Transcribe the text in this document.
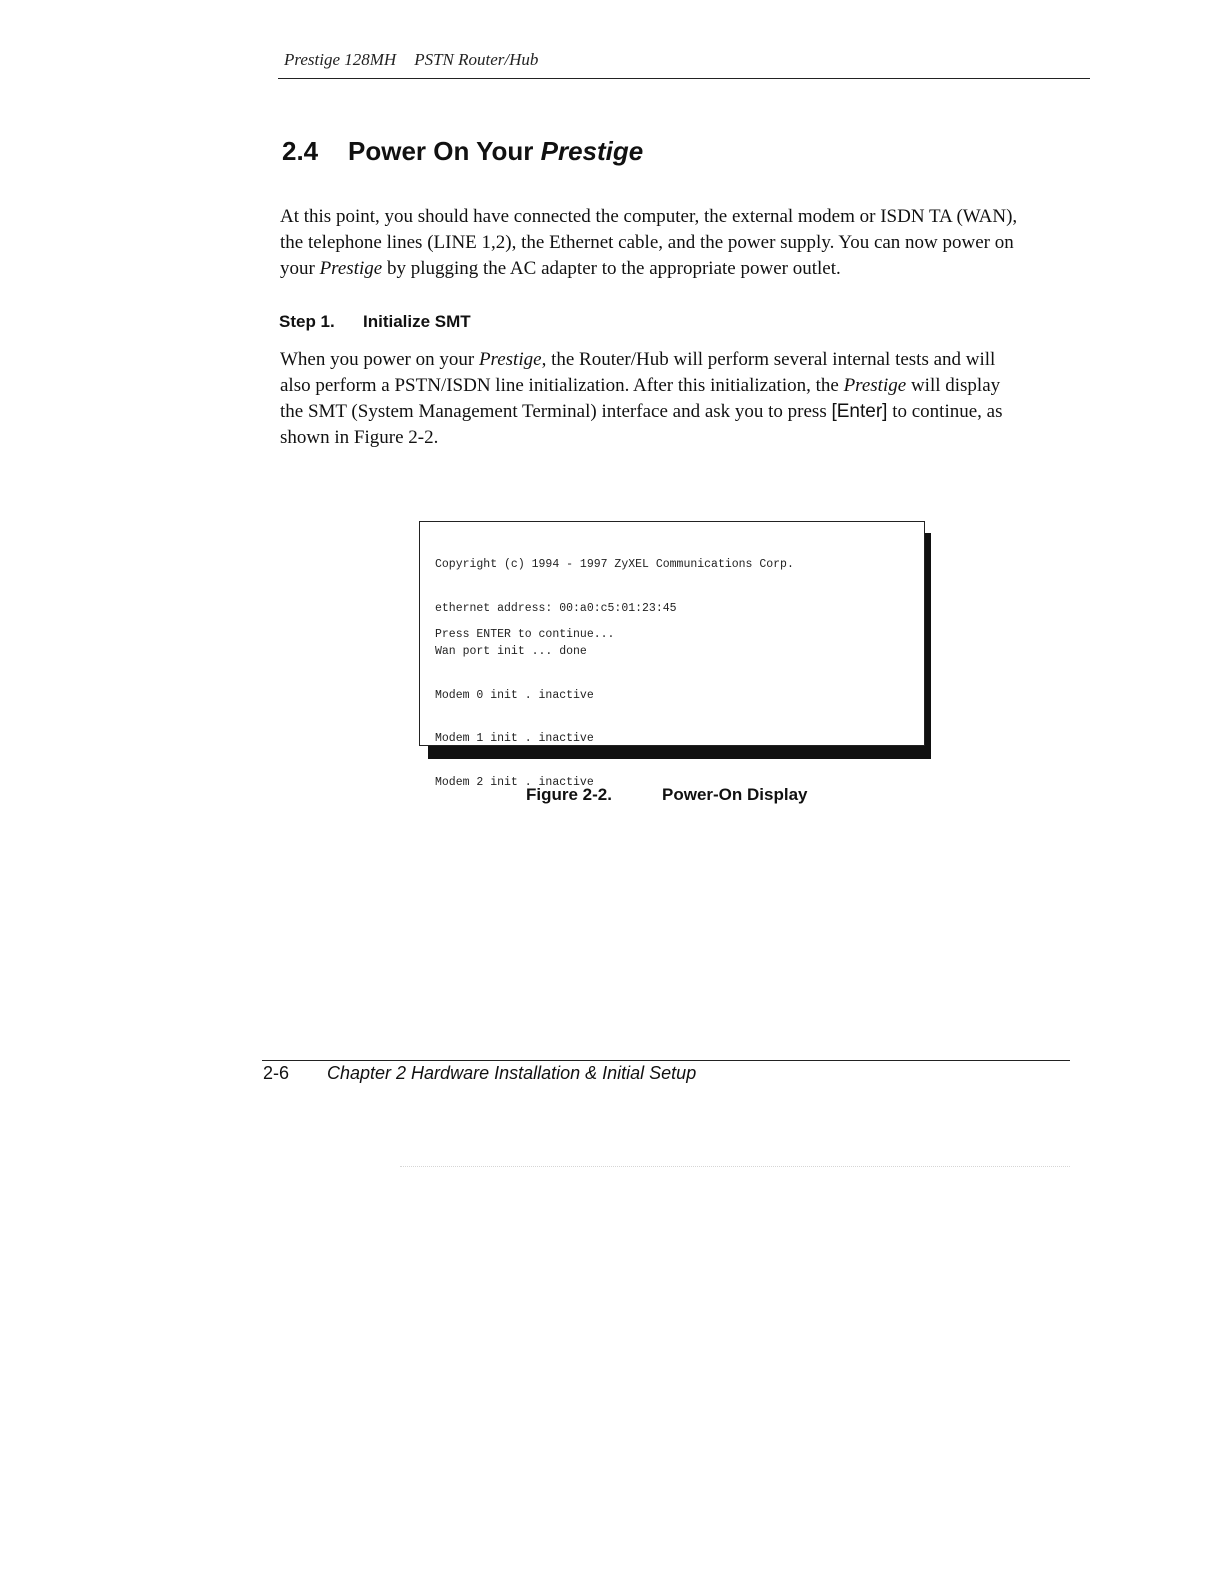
Prestige 128MH PSTN Router/Hub
2.4 Power On Your Prestige
At this point, you should have connected the computer, the external modem or ISDN TA (WAN),
the telephone lines (LINE 1,2), the Ethernet cable, and the power supply. You can now power on
your Prestige by plugging the AC adapter to the appropriate power outlet.
Step 1. Initialize SMT
When you power on your Prestige, the Router/Hub will perform several internal tests and will
also perform a PSTN/ISDN line initialization. After this initialization, the Prestige will display
the SMT (System Management Terminal) interface and ask you to press [Enter] to continue, as
shown in Figure 2-2.

Copyright (c) 1994 - 1997 ZyXEL Communications Corp.

ethernet address: 00:a0:c5:01:23:45

Wan port init ... done

Modem 0 init . inactive

Modem 1 init . inactive

Modem 2 init . inactive

Press ENTER to continue...
Figure 2-2.	Power-On Display
2-6 Chapter 2 Hardware Installation & Initial Setup
